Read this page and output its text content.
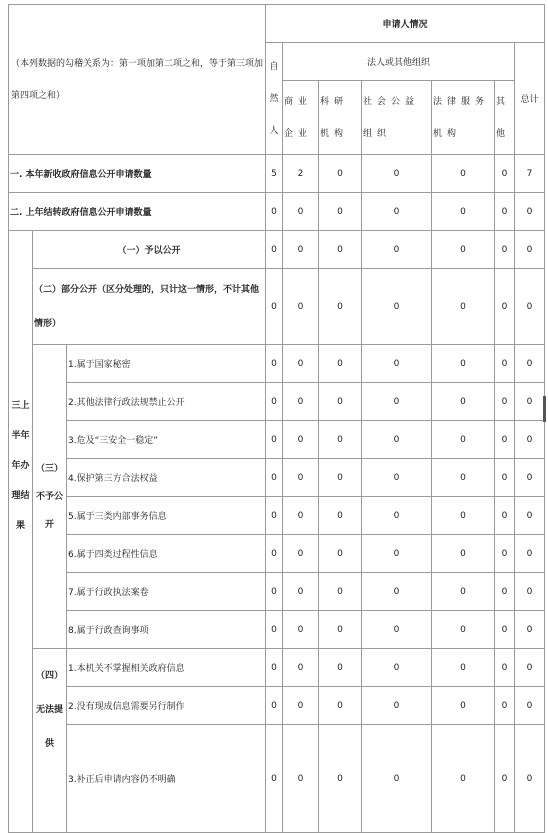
（本列数据的勾稽关系为：第一项加第二项之和，等于第三项加第四项之和）			申请人情况						
			自然人	法人或其他组织					总计
				商业企业	科研机构	社会公益组织	法律服务机构	其他	

一. 本年新收政府信息公开申请数量			5	2	0	0	0	0	7
二. 上年结转政府信息公开申请数量			0	0	0	0	0	0	0
三上半年年办理结果	（一）予以公开		0	0	0	0	0	0	0
	（二）部分公开（区分处理的，只计这一情形，不计其他情形）		0	0	0	0	0	0	0
	（三）不予公开	1.属于国家秘密	0	0	0	0	0	0	0
		2.其他法律行政法规禁止公开	0	0	0	0	0	0	0
		3.危及“三安全一稳定”	0	0	0	0	0	0	0
		4.保护第三方合法权益	0	0	0	0	0	0	0
		5.属于三类内部事务信息	0	0	0	0	0	0	0
		6.属于四类过程性信息	0	0	0	0	0	0	0
		7.属于行政执法案卷	0	0	0	0	0	0	0
		8.属于行政查询事项	0	0	0	0	0	0	0
	（四）无法提供	1.本机关不掌握相关政府信息	0	0	0	0	0	0	0
		2.没有现成信息需要另行制作	0	0	0	0	0	0	0
		3.补正后申请内容仍不明确	0	0	0	0	0	0	0
